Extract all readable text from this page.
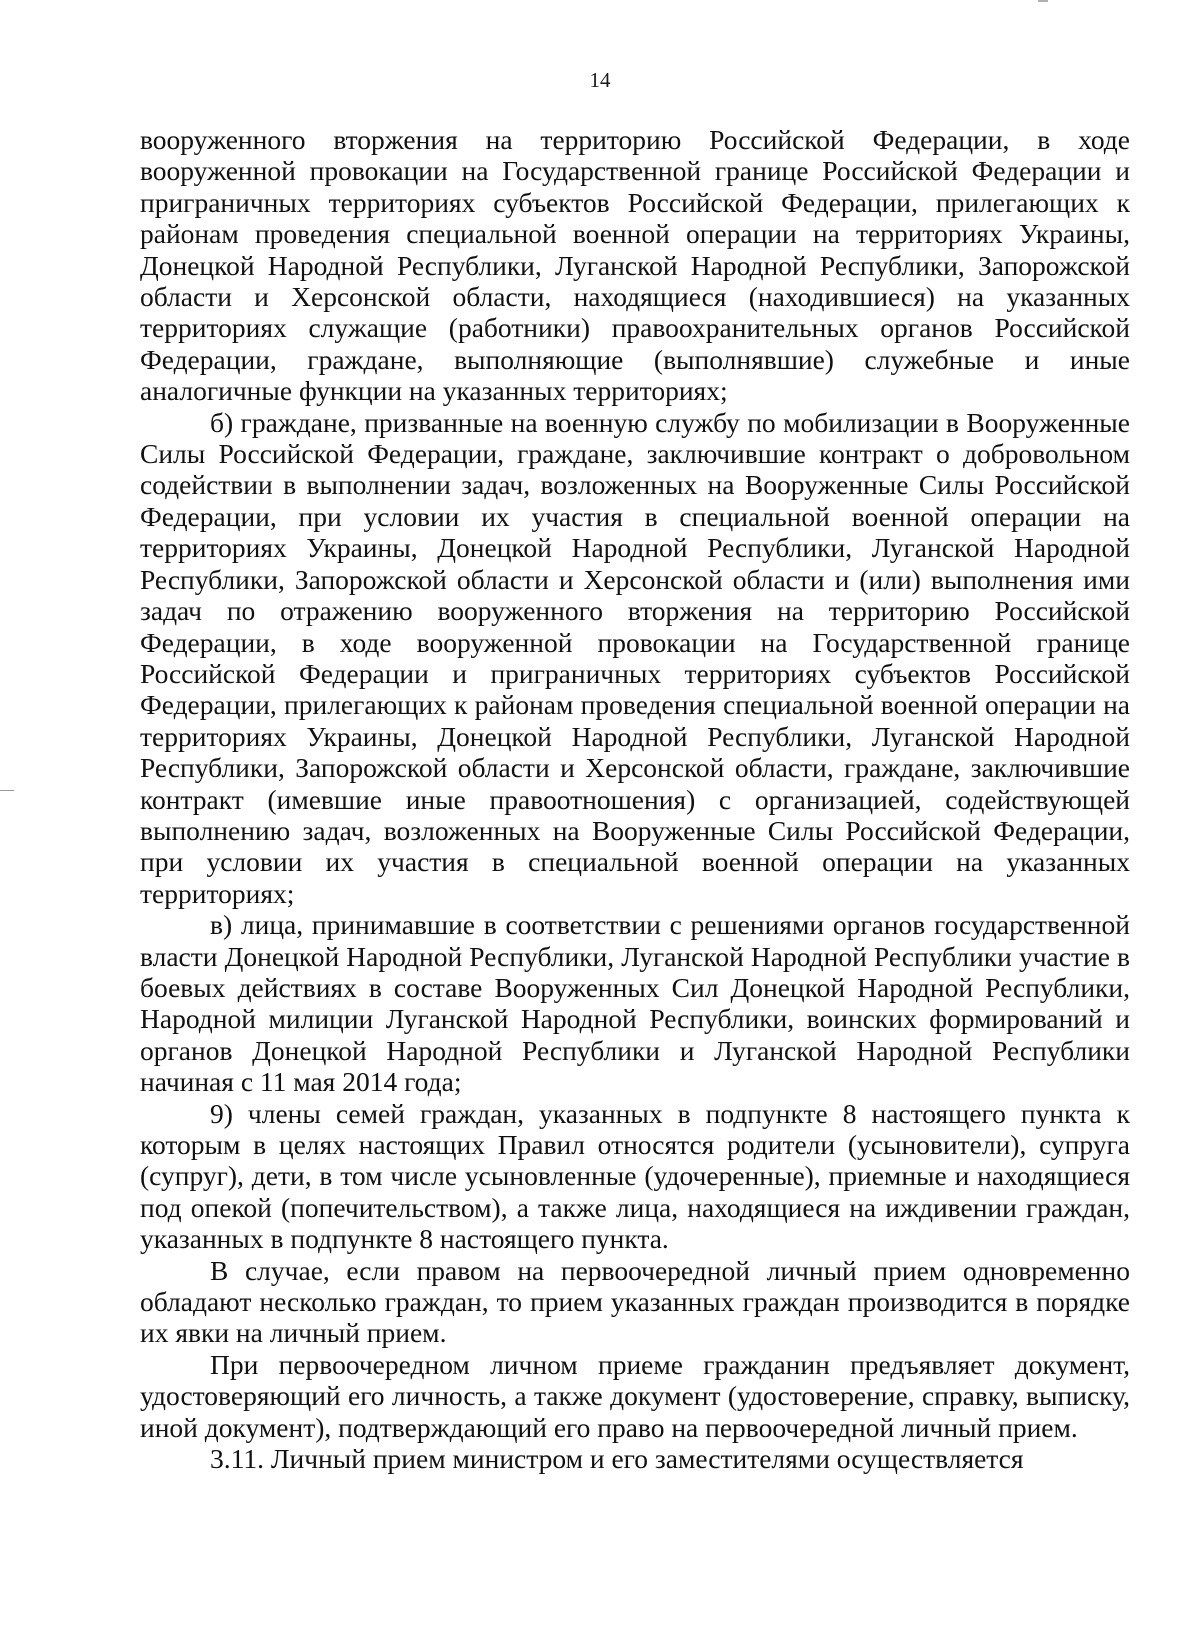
14

вооруженного вторжения на территорию Российской Федерации, в ходе вооруженной провокации на Государственной границе Российской Федерации и приграничных территориях субъектов Российской Федерации, прилегающих к районам проведения специальной военной операции на территориях Украины, Донецкой Народной Республики, Луганской Народной Республики, Запорожской области и Херсонской области, находящиеся (находившиеся) на указанных территориях служащие (работники) правоохранительных органов Российской Федерации, граждане, выполняющие (выполнявшие) служебные и иные аналогичные функции на указанных территориях;

б) граждане, призванные на военную службу по мобилизации в Вооруженные Силы Российской Федерации, граждане, заключившие контракт о добровольном содействии в выполнении задач, возложенных на Вооруженные Силы Российской Федерации, при условии их участия в специальной военной операции на территориях Украины, Донецкой Народной Республики, Луганской Народной Республики, Запорожской области и Херсонской области и (или) выполнения ими задач по отражению вооруженного вторжения на территорию Российской Федерации, в ходе вооруженной провокации на Государственной границе Российской Федерации и приграничных территориях субъектов Российской Федерации, прилегающих к районам проведения специальной военной операции на территориях Украины, Донецкой Народной Республики, Луганской Народной Республики, Запорожской области и Херсонской области, граждане, заключившие контракт (имевшие иные правоотношения) с организацией, содействующей выполнению задач, возложенных на Вооруженные Силы Российской Федерации, при условии их участия в специальной военной операции на указанных территориях;

в) лица, принимавшие в соответствии с решениями органов государственной власти Донецкой Народной Республики, Луганской Народной Республики участие в боевых действиях в составе Вооруженных Сил Донецкой Народной Республики, Народной милиции Луганской Народной Республики, воинских формирований и органов Донецкой Народной Республики и Луганской Народной Республики начиная с 11 мая 2014 года;

9) члены семей граждан, указанных в подпункте 8 настоящего пункта к которым в целях настоящих Правил относятся родители (усыновители), супруга (супруг), дети, в том числе усыновленные (удочеренные), приемные и находящиеся под опекой (попечительством), а также лица, находящиеся на иждивении граждан, указанных в подпункте 8 настоящего пункта.

В случае, если правом на первоочередной личный прием одновременно обладают несколько граждан, то прием указанных граждан производится в порядке их явки на личный прием.

При первоочередном личном приеме гражданин предъявляет документ, удостоверяющий его личность, а также документ (удостоверение, справку, выписку, иной документ), подтверждающий его право на первоочередной личный прием.

3.11. Личный прием министром и его заместителями осуществляется
